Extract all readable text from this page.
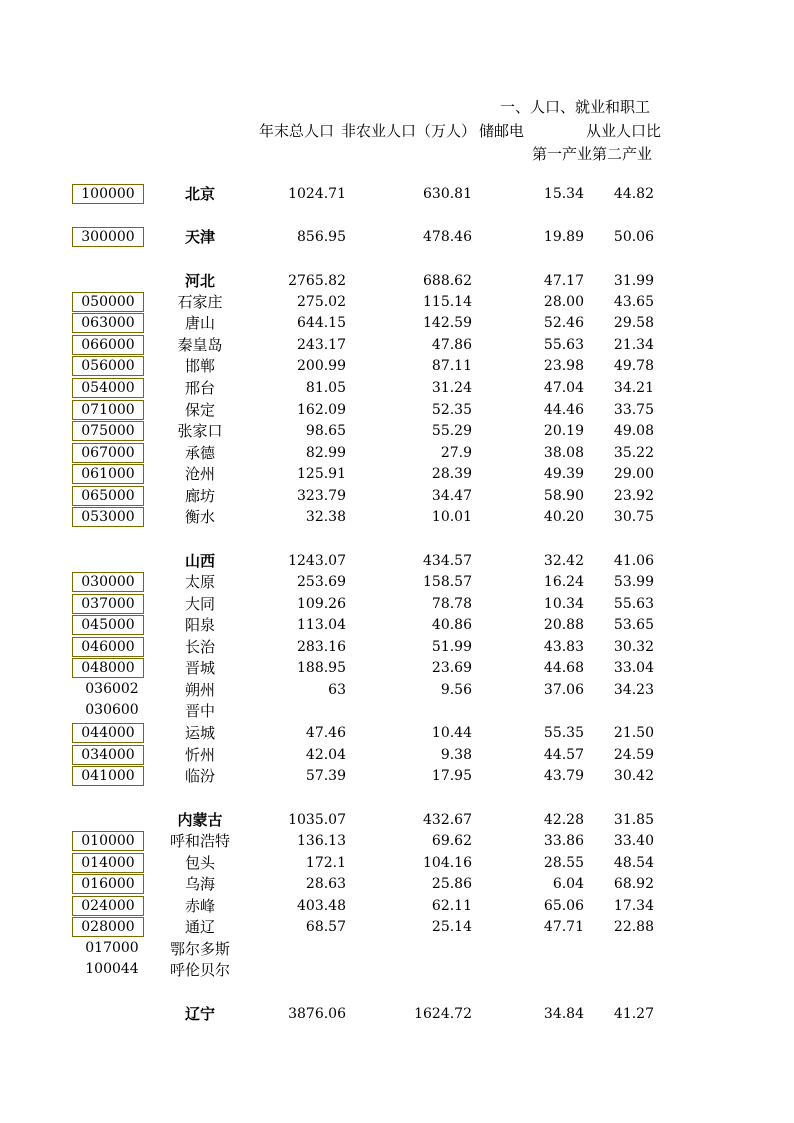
一、人口、就业和职工
年末总人口 非农业人口（万人） 储邮电	从业人口比
第一产业第二产业
100000	北京	1024.71	630.81	15.34	44.82
300000	天津	856.95	478.46	19.89	50.06
河北	2765.82	688.62	47.17	31.99
050000	石家庄	275.02	115.14	28.00	43.65
063000	唐山	644.15	142.59	52.46	29.58
066000	秦皇岛	243.17	47.86	55.63	21.34
056000	邯郸	200.99	87.11	23.98	49.78
054000	邢台	81.05	31.24	47.04	34.21
071000	保定	162.09	52.35	44.46	33.75
075000	张家口	98.65	55.29	20.19	49.08
067000	承德	82.99	27.9	38.08	35.22
061000	沧州	125.91	28.39	49.39	29.00
065000	廊坊	323.79	34.47	58.90	23.92
053000	衡水	32.38	10.01	40.20	30.75
山西	1243.07	434.57	32.42	41.06
030000	太原	253.69	158.57	16.24	53.99
037000	大同	109.26	78.78	10.34	55.63
045000	阳泉	113.04	40.86	20.88	53.65
046000	长治	283.16	51.99	43.83	30.32
048000	晋城	188.95	23.69	44.68	33.04
036002	朔州	63	9.56	37.06	34.23
030600	晋中
044000	运城	47.46	10.44	55.35	21.50
034000	忻州	42.04	9.38	44.57	24.59
041000	临汾	57.39	17.95	43.79	30.42
内蒙古	1035.07	432.67	42.28	31.85
010000	呼和浩特	136.13	69.62	33.86	33.40
014000	包头	172.1	104.16	28.55	48.54
016000	乌海	28.63	25.86	6.04	68.92
024000	赤峰	403.48	62.11	65.06	17.34
028000	通辽	68.57	25.14	47.71	22.88
017000	鄂尔多斯
100044	呼伦贝尔
辽宁	3876.06	1624.72	34.84	41.27
